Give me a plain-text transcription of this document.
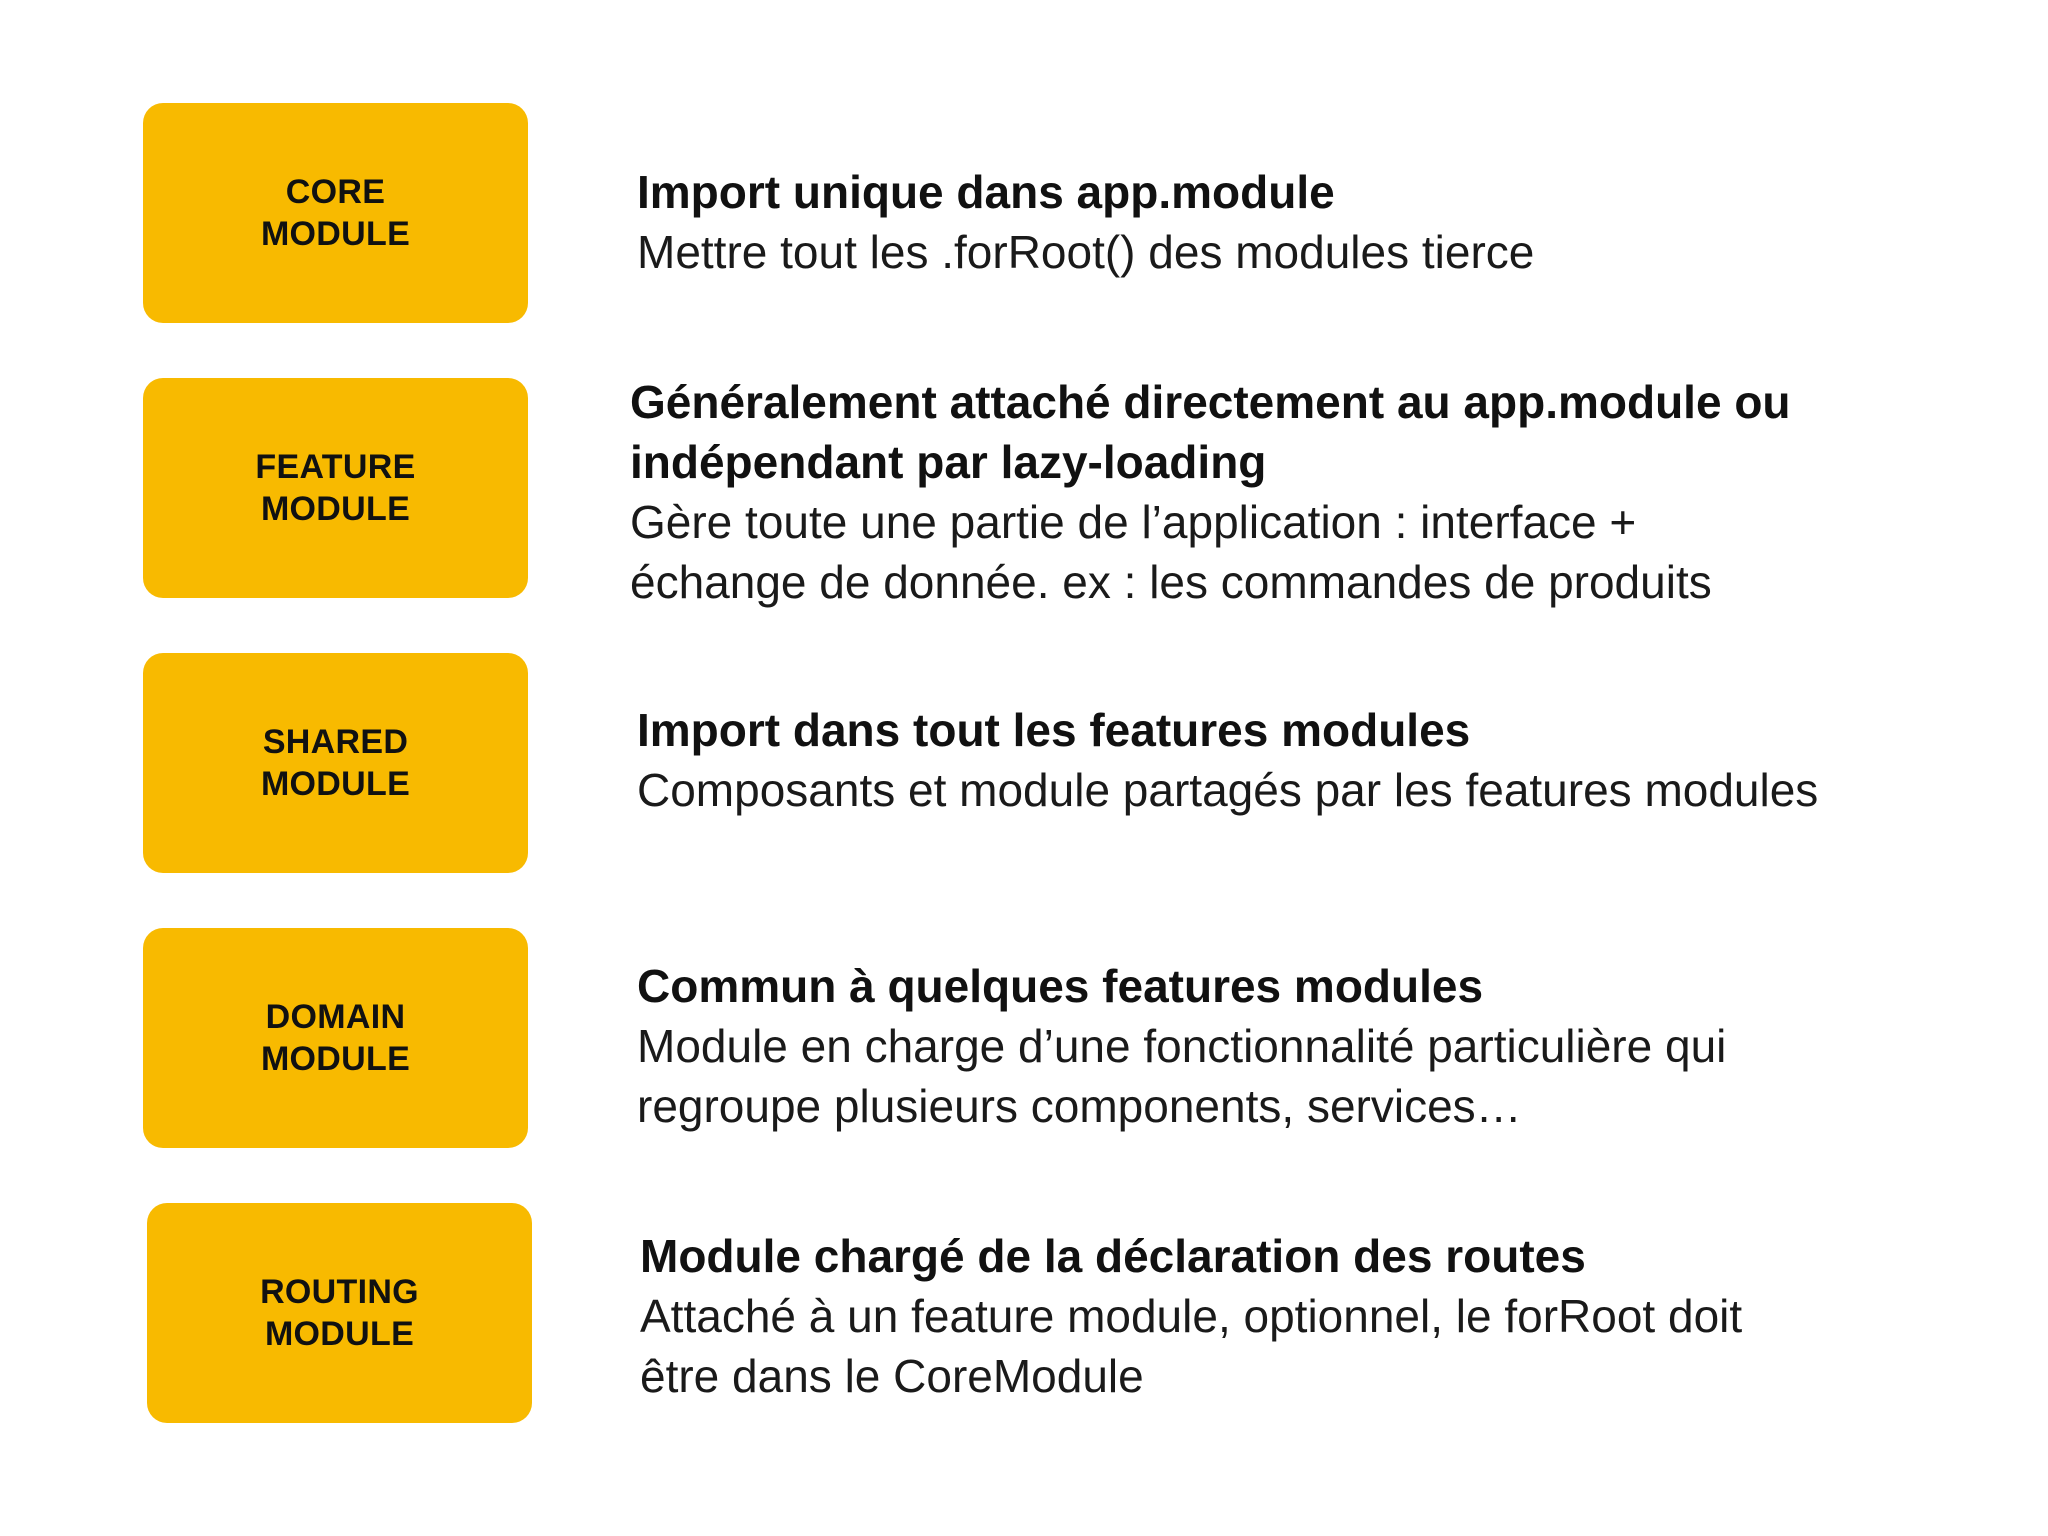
CORE
MODULE
Import unique dans app.module
Mettre tout les .forRoot() des modules tierce
FEATURE
MODULE
Généralement attaché directement au app.module ou
indépendant par lazy-loading
Gère toute une partie de l’application : interface +
échange de donnée. ex : les commandes de produits
SHARED
MODULE
Import dans tout les features modules
Composants et module partagés par les features modules
DOMAIN
MODULE
Commun à quelques features modules
Module en charge d’une fonctionnalité particulière qui
regroupe plusieurs components, services…
ROUTING
MODULE
Module chargé de la déclaration des routes
Attaché à un feature module, optionnel, le forRoot doit
être dans le CoreModule
